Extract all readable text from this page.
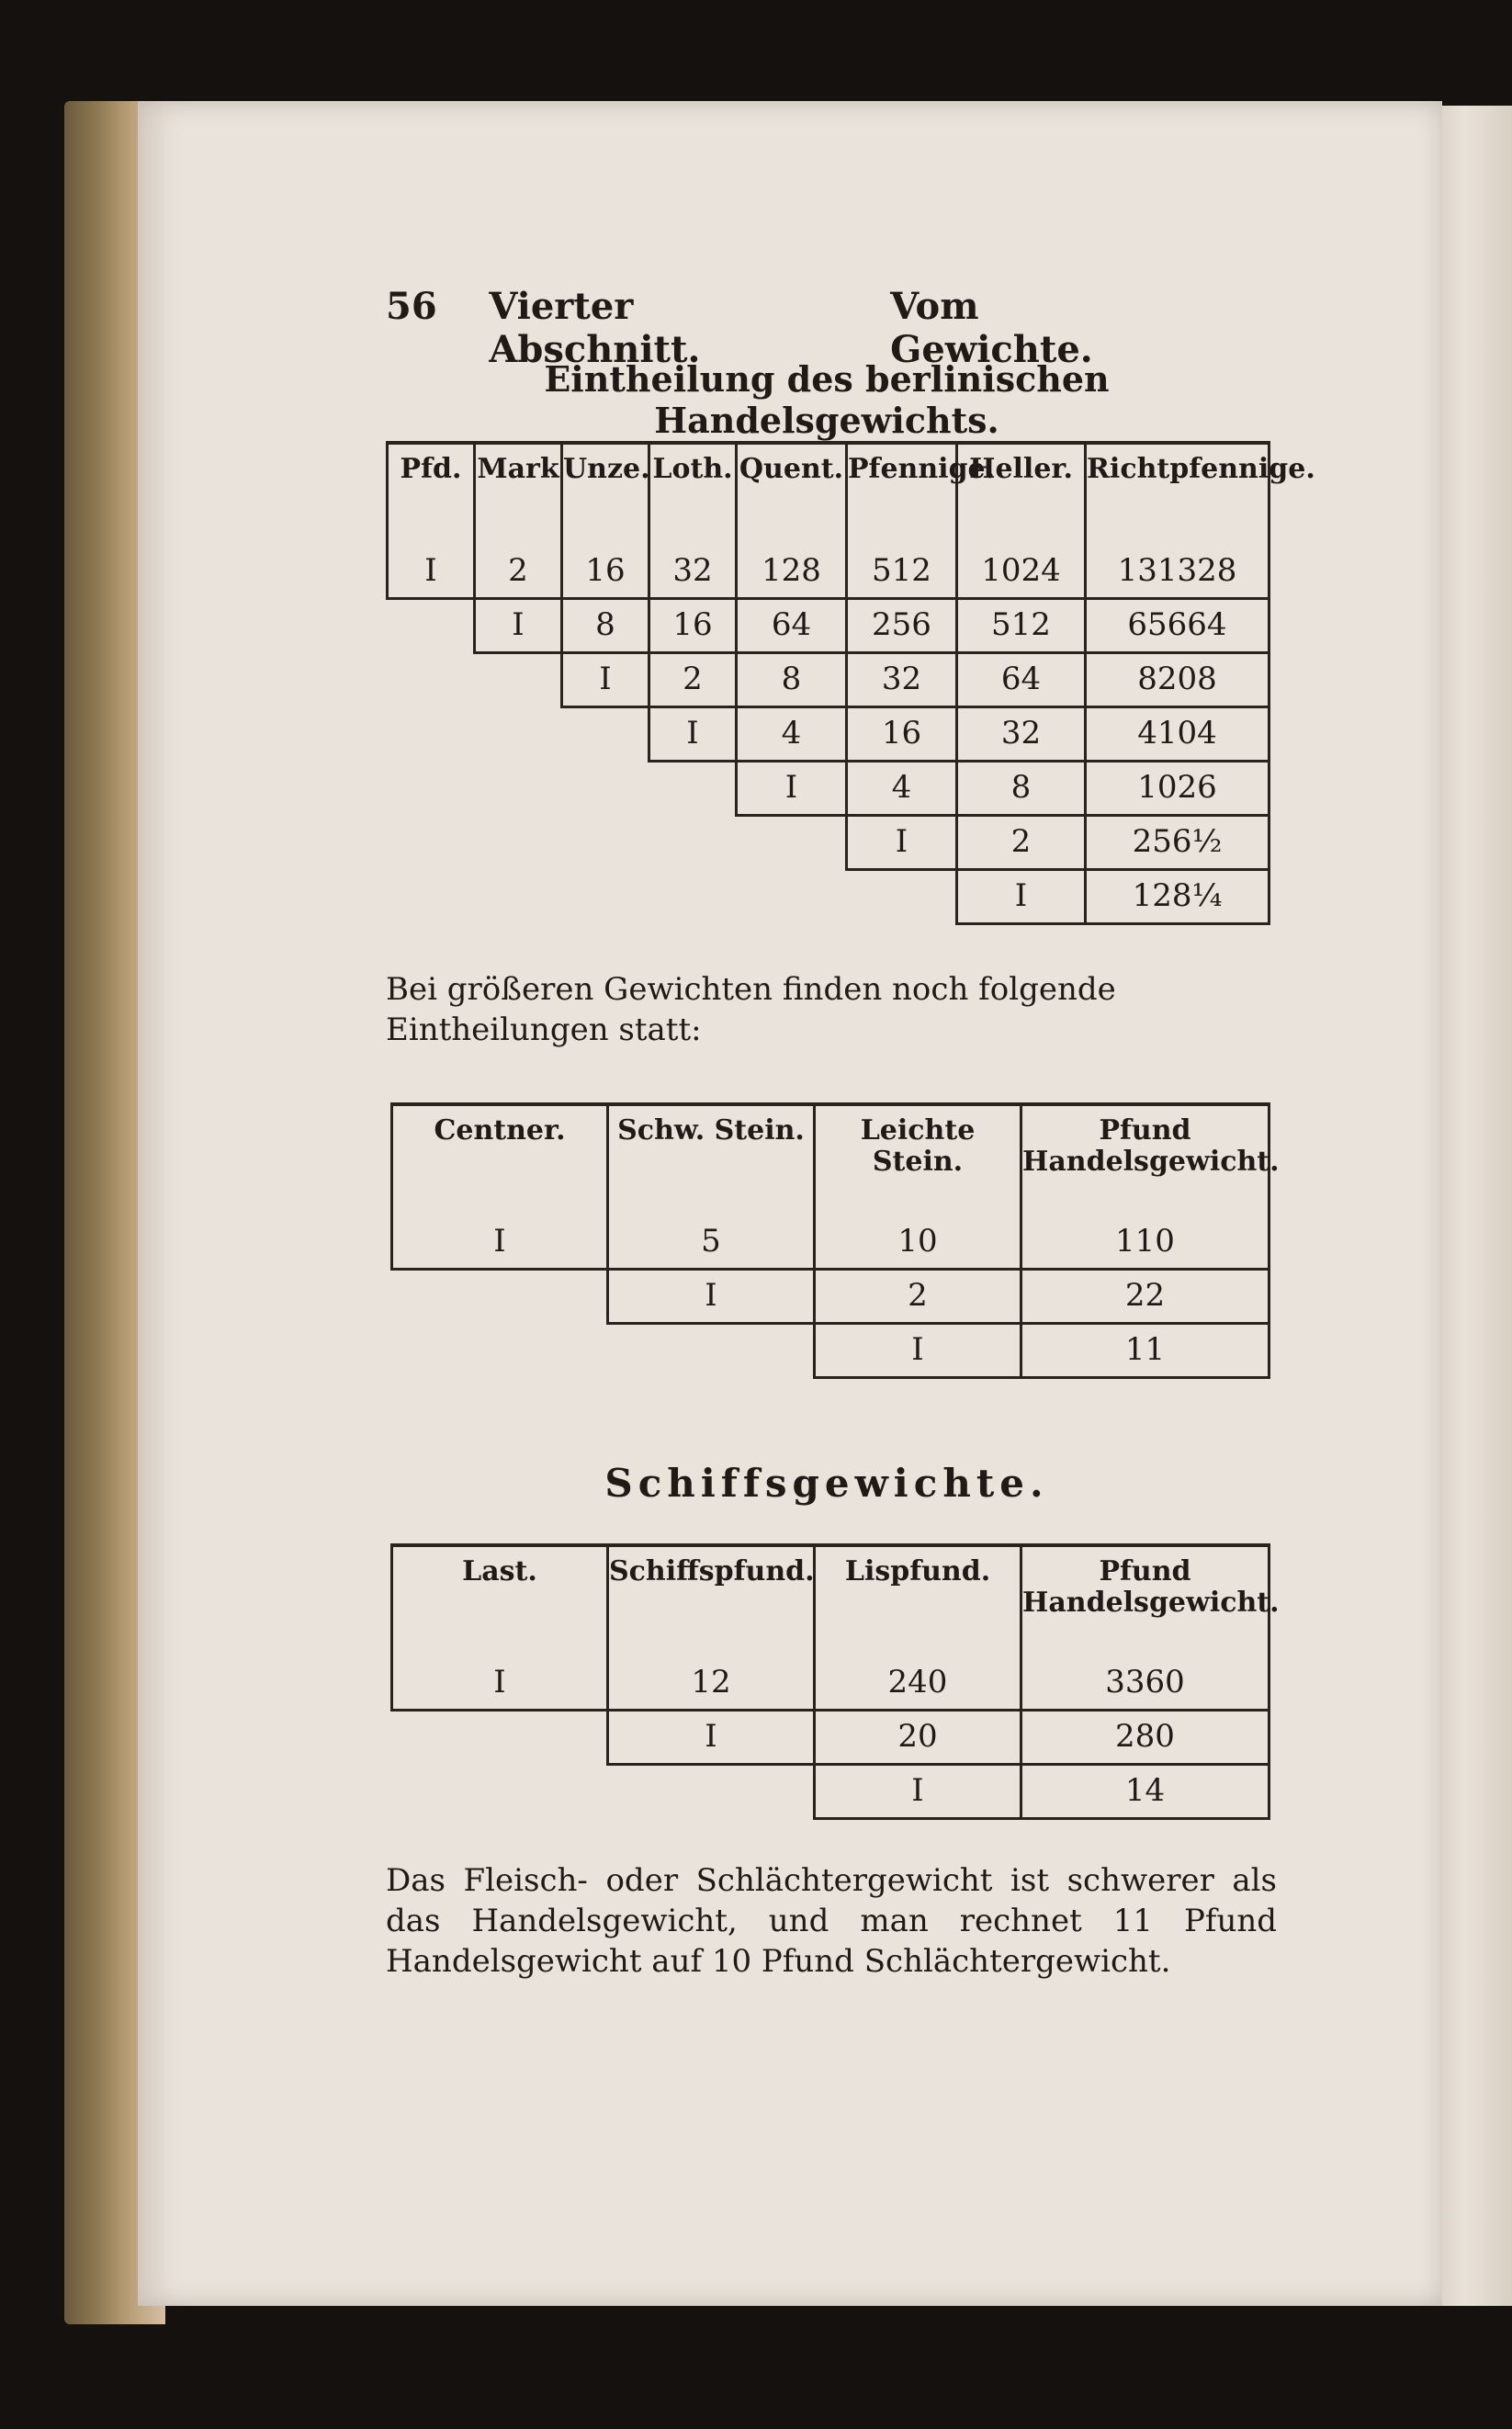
56 Vierter Abschnitt.
Vom Gewichte.
Eintheilung des berlinischen Handelsgewichts.
Pfd.	Mark	Unze.	Loth.	Quent.	Pfennige.	Heller.	Richtpfennige.
I	2	16	32	128	512	1024	131328
	I	8	16	64	256	512	65664
		I	2	8	32	64	8208
			I	4	16	32	4104
				I	4	8	1026
					I	2	256½
						I	128¼
Bei größeren Gewichten finden noch folgende Eintheilungen statt:
Centner.	Schw. Stein.	Leichte Stein.	Pfund Handelsgewicht.
I	5	10	110
	I	2	22
		I	11
Schiffsgewichte.
Last.	Schiffspfund.	Lispfund.	Pfund Handelsgewicht.
I	12	240	3360
	I	20	280
		I	14
Das Fleisch- oder Schlächtergewicht ist schwerer als das Handelsgewicht, und man rechnet 11 Pfund Handelsgewicht auf 10 Pfund Schlächtergewicht.
